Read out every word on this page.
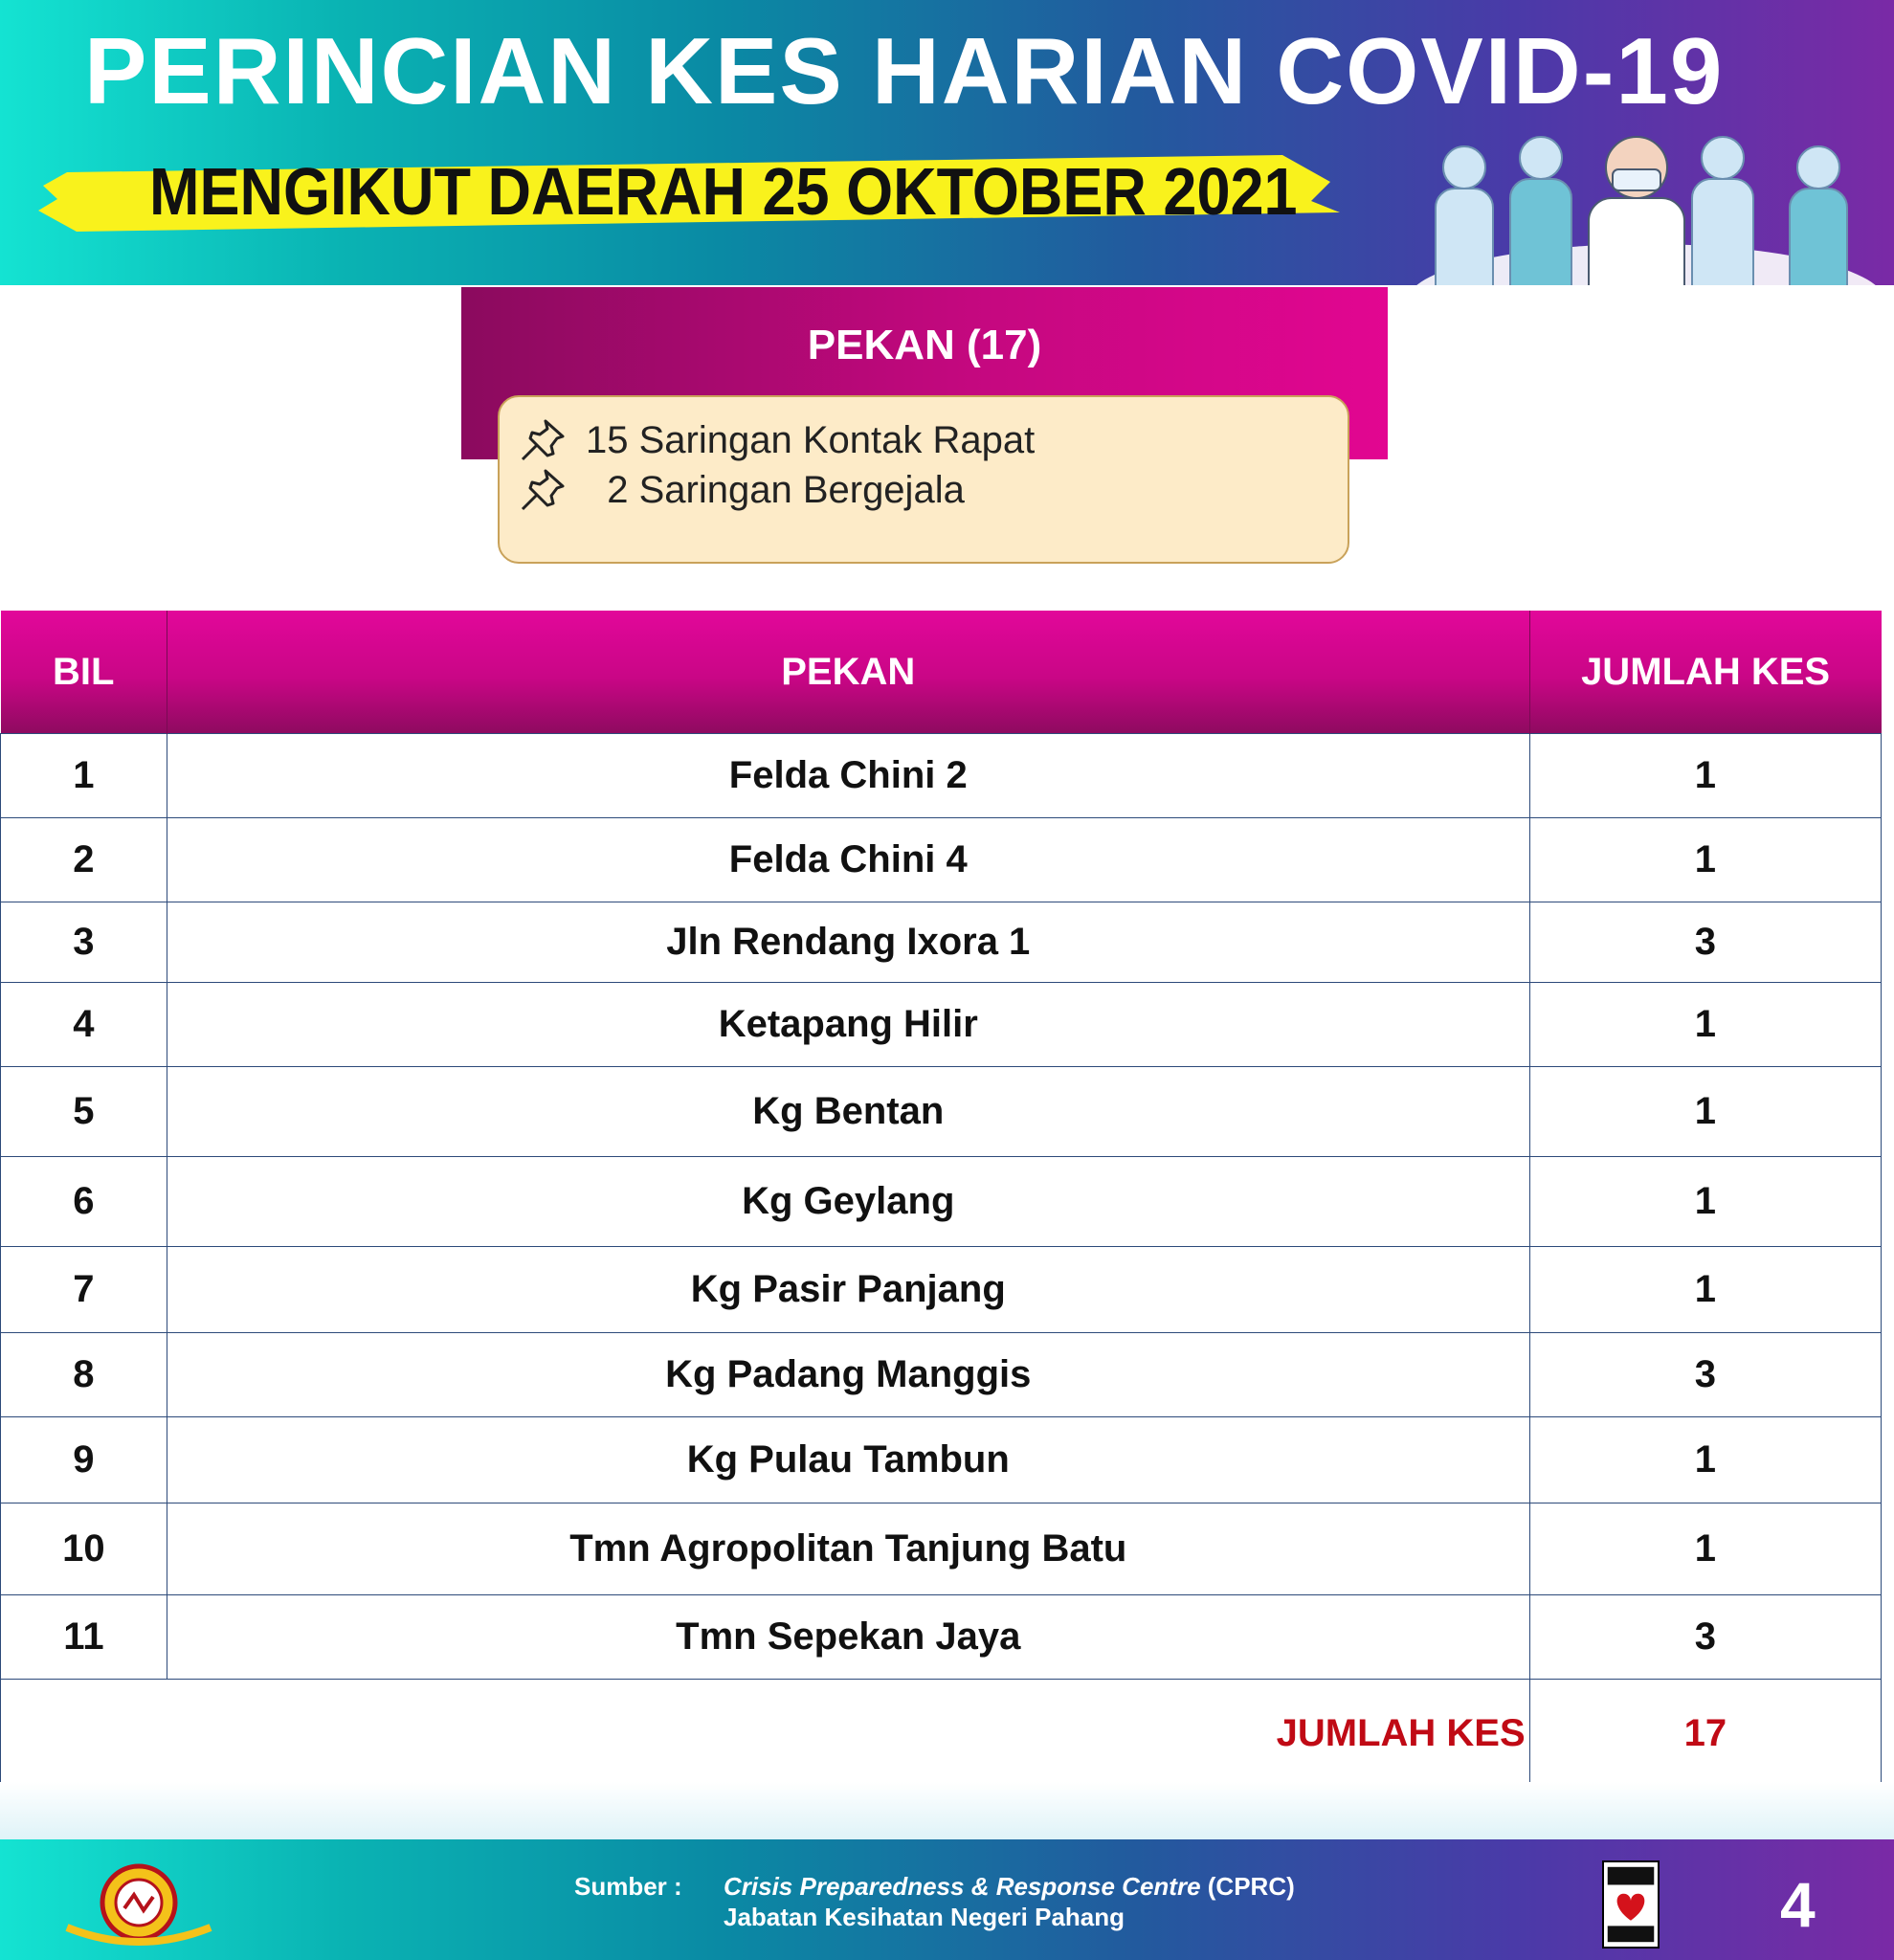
PERINCIAN KES HARIAN COVID-19
MENGIKUT DAERAH 25 OKTOBER 2021
PEKAN (17)
15 Saringan Kontak Rapat
2 Saringan Bergejala
BIL	PEKAN	JUMLAH KES
1	Felda Chini 2	1
2	Felda Chini 4	1
3	Jln Rendang Ixora 1	3
4	Ketapang Hilir	1
5	Kg Bentan	1
6	Kg Geylang	1
7	Kg Pasir Panjang	1
8	Kg Padang Manggis	3
9	Kg Pulau Tambun	1
10	Tmn Agropolitan Tanjung Batu	1
11	Tmn Sepekan Jaya	3
JUMLAH KES		17
Sumber : Crisis Preparedness & Response Centre (CPRC)
Jabatan Kesihatan Negeri Pahang	4
